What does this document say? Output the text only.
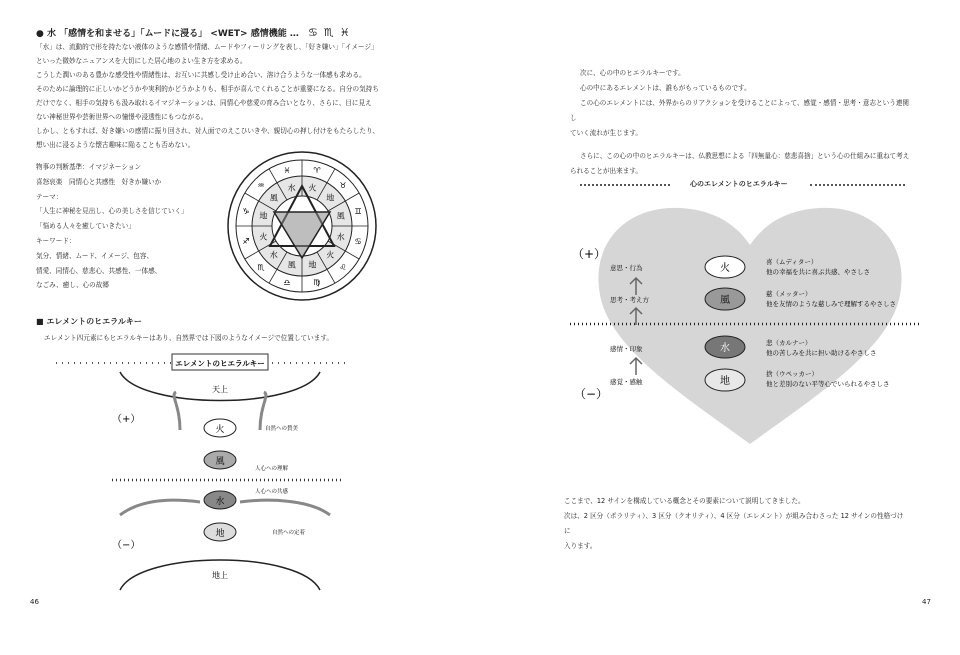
● 水 「感情を和ませる」「ムードに浸る」 <WET> 感情機能 … ♋♏♓
「水」は、流動的で形を持たない液体のような感情や情緒、ムードやフィーリングを表し、「好き嫌い」「イメージ」
といった微妙なニュアンスを大切にした居心地のよい生き方を求める。
こうした潤いのある豊かな感受性や情緒性は、お互いに共感し受け止め合い、溶け合うような一体感も求める。
そのために論理的に正しいかどうかや実利的かどうかよりも、相手が喜んでくれることが重要になる。自分の気持ち
だけでなく、相手の気持ちも汲み取れるイマジネーションは、同情心や慈愛の育み合いとなり、さらに、目に見え
ない神秘世界や芸術世界への憧憬や浸透性にもつながる。
しかし、ともすれば、好き嫌いの感情に振り回され、対人面でのえこひいきや、親切心の押し付けをもたらしたり、
想い出に浸るような懐古趣味に陥ることも否めない。
物事の判断基準：イマジネーション
喜怒哀楽　同情心と共感性　好きか嫌いか
テーマ：
「人生に神秘を見出し、心の美しさを信じていく」
「悩める人々を癒していきたい」
キーワード：
気分、情緒、ムード、イメージ、包容、
情愛、同情心、慈悲心、共感性、一体感、
なごみ、癒し、心の故郷
♈
火	♉
地
♊
風
♋
水
♌
火
♍
地
♎
風
♏
水
♐
火
♑
地
♒
風
♓
水
■ エレメントのヒエラルキー
エレメント四元素にもヒエラルキーはあり、自然界では下図のようなイメージで位置しています。
エレメントのヒエラルキー
天上
（+）
火	自然への賛美
風
人心への理解
水
人心への共感
地	自然への定着
（−）
地上
46
次に、心の中のヒエラルキーです。
心の中にあるエレメントは、誰もがもっているものです。
この心のエレメントには、外界からのリアクションを受けることによって、感覚・感情・思考・意志という連関し
ていく流れが生じます。
さらに、この心の中のヒエラルキーは、仏教思想による「四無量心：慈悲喜捨」という心の仕組みに重ねて考え
られることが出来ます。
心のエレメントのヒエラルキー
（+）
（−）
意思・行為
思考・考え方
感情・印象
感覚・感触
火
風
水
地
喜（ムディター）
他の幸福を共に喜ぶ共感、やさしさ
慈（メッター）
他を友情のような慈しみで理解するやさしさ
悲（カルナー）
他の苦しみを共に担い助けるやさしさ
捨（ウペッカー）
他と差別のない平等心でいられるやさしさ
ここまで、12 サインを構成している概念とその要素について説明してきました。
次は、2 区分（ポラリティ）、3 区分（クオリティ）、4 区分（エレメント）が組み合わさった 12 サインの性格づけに
入ります。
47
